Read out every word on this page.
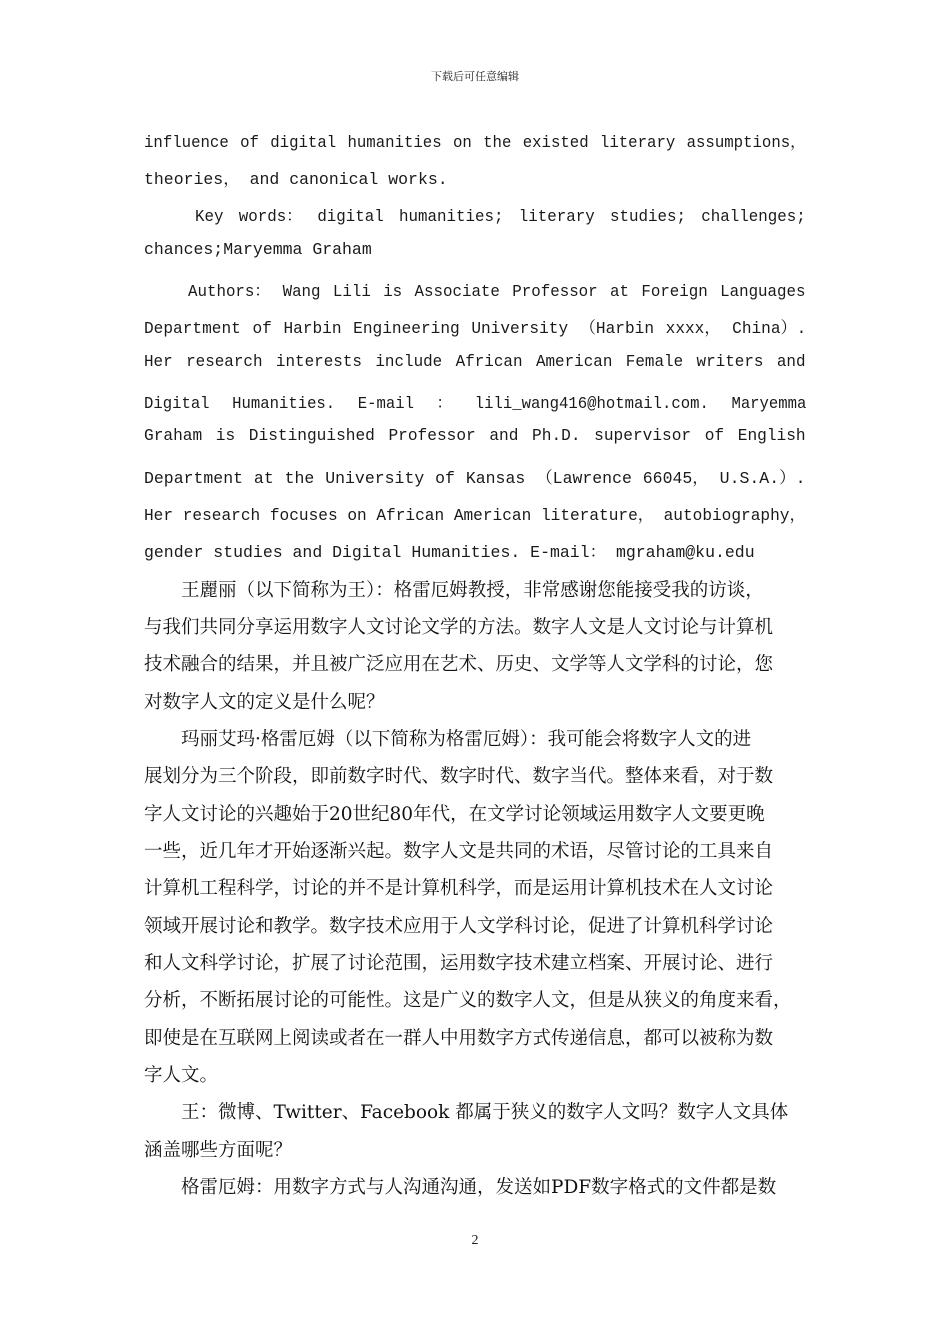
下载后可任意编辑
influence of digital humanities on the existed literary assumptions，
theories， and canonical works.
Key words： digital humanities; literary studies; challenges;
chances;Maryemma Graham
Authors： Wang Lili is Associate Professor at Foreign Languages
Department of Harbin Engineering University （Harbin xxxx， China）.
Her research interests include African American Female writers and
Digital Humanities. E-mail ： lili_wang416@hotmail.com. Maryemma
Graham is Distinguished Professor and Ph.D. supervisor of English
Department at the University of Kansas （Lawrence 66045， U.S.A.）.
Her research focuses on African American literature， autobiography，
gender studies and Digital Humanities. E-mail： mgraham@ku.edu
王麗丽（以下简称为王）：格雷厄姆教授，非常感谢您能接受我的访谈，
与我们共同分享运用数字人文讨论文学的方法。数字人文是人文讨论与计算机
技术融合的结果，并且被广泛应用在艺术、历史、文学等人文学科的讨论，您
对数字人文的定义是什么呢？
玛丽艾玛·格雷厄姆（以下简称为格雷厄姆）：我可能会将数字人文的进
展划分为三个阶段，即前数字时代、数字时代、数字当代。整体来看，对于数
字人文讨论的兴趣始于20世纪80年代，在文学讨论领域运用数字人文要更晚
一些，近几年才开始逐渐兴起。数字人文是共同的术语，尽管讨论的工具来自
计算机工程科学，讨论的并不是计算机科学，而是运用计算机技术在人文讨论
领域开展讨论和教学。数字技术应用于人文学科讨论，促进了计算机科学讨论
和人文科学讨论，扩展了讨论范围，运用数字技术建立档案、开展讨论、进行
分析，不断拓展讨论的可能性。这是广义的数字人文，但是从狭义的角度来看，
即使是在互联网上阅读或者在一群人中用数字方式传递信息，都可以被称为数
字人文。
王：微博、Twitter、Facebook 都属于狭义的数字人文吗？数字人文具体
涵盖哪些方面呢？
格雷厄姆：用数字方式与人沟通沟通，发送如PDF数字格式的文件都是数
2
